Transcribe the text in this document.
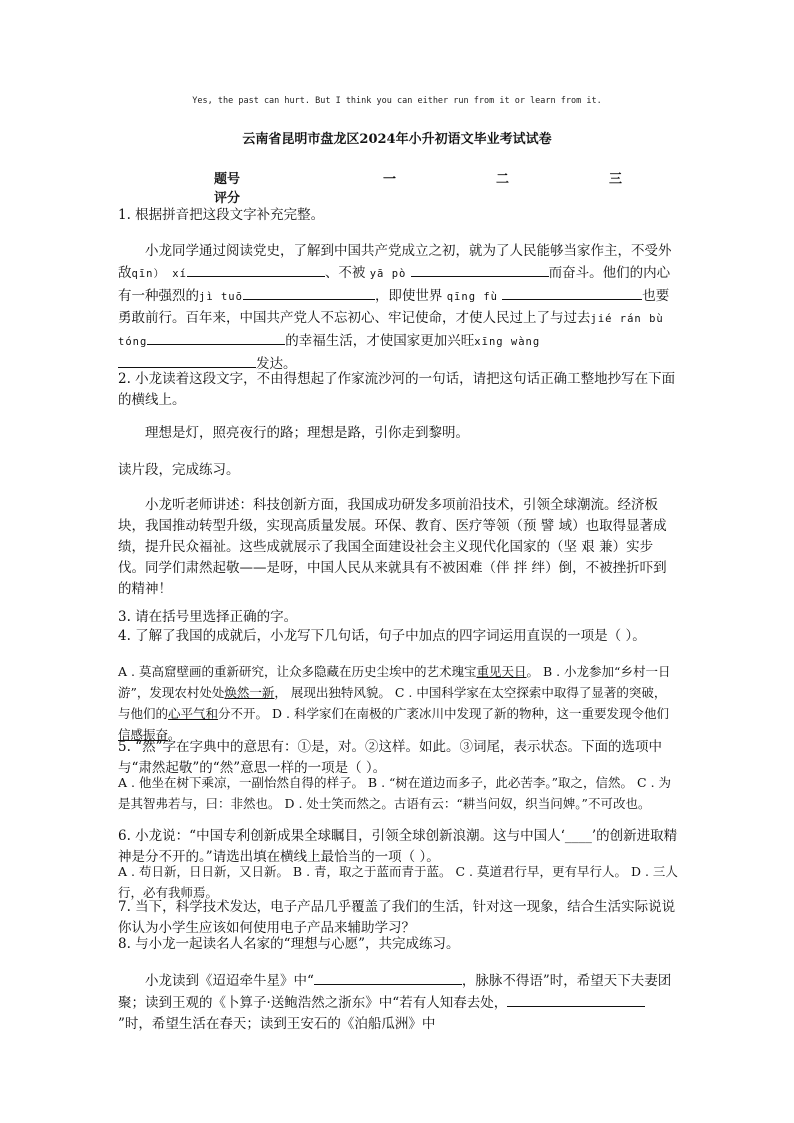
Yes, the past can hurt. But I think you can either run from it or learn from it.
云南省昆明市盘龙区2024年小升初语文毕业考试试卷
题号	一	二	三
评分
1. 根据拼音把这段文字补充完整。
小龙同学通过阅读党史，了解到中国共产党成立之初，就为了人民能够当家作主，不受外敌qīn） xí	、不被 yā pò	而奋斗。他们的内心有一种强烈的jì tuō	，即使世界 qīng fù	也要勇敢前行。百年来，中国共产党人不忘初心、牢记使命，才使人民过上了与过去jié rán bù tóng	的幸福生活，才使国家更加兴旺xīng wàng发达。
2. 小龙读着这段文字，不由得想起了作家流沙河的一句话，请把这句话正确工整地抄写在下面的横线上。
理想是灯，照亮夜行的路；理想是路，引你走到黎明。
读片段，完成练习。
小龙听老师讲述：科技创新方面，我国成功研发多项前沿技术，引领全球潮流。经济板块，我国推动转型升级，实现高质量发展。环保、教育、医疗等领（预 譬 域）也取得显著成绩，提升民众福祉。这些成就展示了我国全面建设社会主义现代化国家的（坚 艰 兼）实步伐。同学们肃然起敬——是呀，中国人民从来就具有不被困难（伴 拌 绊）倒，不被挫折吓到的精神！
3. 请在括号里选择正确的字。
4. 了解了我国的成就后，小龙写下几句话，句子中加点的四字词运用直误的一项是（ ）。
A . 莫高窟壁画的重新研究，让众多隐藏在历史尘埃中的艺术瑰宝重见天日。 B . 小龙参加“乡村一日游”，发现农村处处焕然一新， 展现出独特风貌。 C . 中国科学家在太空探索中取得了显著的突破，与他们的心平气和分不开。 D . 科学家们在南极的广袤冰川中发现了新的物种，这一重要发现令他们信感振奋。
5. “然”字在字典中的意思有：①是，对。②这样。如此。③词尾，表示状态。下面的选项中与“肃然起敬”的“然”意思一样的一项是（ ）。
A . 他坐在树下乘凉，一副怡然自得的样子。 B . “树在道边而多子，此必苦李。”取之，信然。 C . 为是其智弗若与，曰：非然也。 D . 处士笑而然之。古语有云：“耕当问奴，织当问婢。”不可改也。
6. 小龙说：“中国专利创新成果全球瞩目，引领全球创新浪潮。这与中国人‘____’的创新进取精神是分不开的。”请选出填在横线上最恰当的一项（ ）。
A . 苟日新，日日新，又日新。 B . 青，取之于蓝而青于蓝。 C . 莫道君行早，更有早行人。 D . 三人行，必有我师焉。
7. 当下，科学技术发达，电子产品几乎覆盖了我们的生活，针对这一现象，结合生活实际说说你认为小学生应该如何使用电子产品来辅助学习？
8. 与小龙一起读名人名家的“理想与心愿”，共完成练习。
小龙读到《迢迢牵牛星》中“	，脉脉不得语”时，希望天下夫妻团聚；读到王观的《卜算子·送鲍浩然之浙东》中“若有人知春去处，”时，希望生活在春天；读到王安石的《泊船瓜洲》中
